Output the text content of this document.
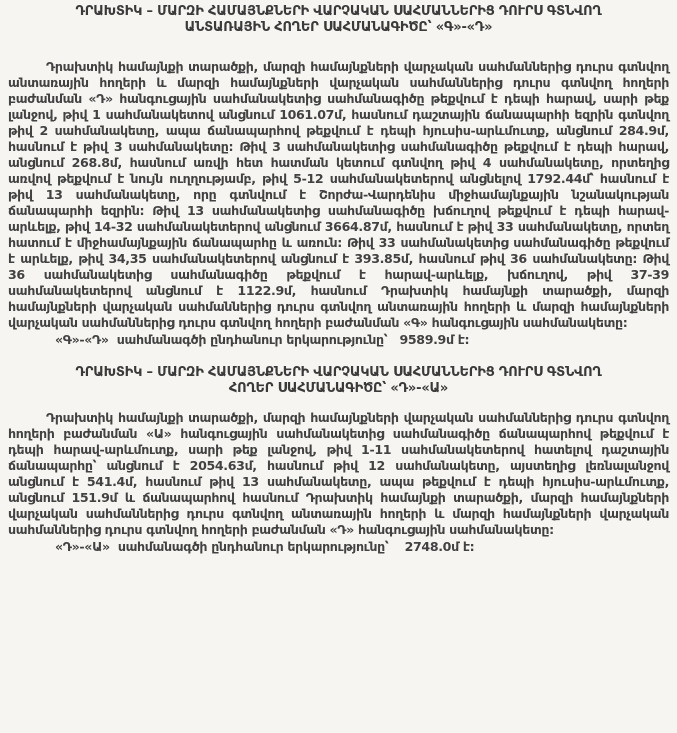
ԴՐԱԽՏԻԿ – ՄԱՐԶԻ ՀԱՄԱՅՆՔՆԵՐԻ ՎԱՐՉԱԿԱՆ ՍԱՀՄԱՆՆԵՐԻՑ ԴՈՒՐՍ ԳՏՆՎՈՂ
ԱՆՏԱՌԱՅԻՆ ՀՈՂԵՐ ՍԱՀՄԱՆԱԳԻԾԸ՝ «Գ»-«Դ»

Դրախտիկ համայնքի տարածքի, մարզի համայնքների վարչական սահմաններից դուրս գտնվող անտառային հողերի և մարզի համայնքների վարչական սահմաններից դուրս գտնվող հողերի բաժանման «Դ» հանգուցային սահմանակետից սահմանագիծը թեքվում է դեպի հարավ, սարի թեք լանջով, թիվ 1 սահմանակետով անցնում 1061.07մ, հասնում դաշտային ճանապարհի եզրին գտնվող թիվ 2 սահմանակետը, ապա ճանապարհով թեքվում է դեպի հյուսիս-արևմուտք, անցնում 284.9մ, հասնում է թիվ 3 սահմանակետը: Թիվ 3 սահմանակետից սահմանագիծը թեքվում է դեպի հարավ, անցնում 268.8մ, հասնում առվի հետ հատման կետում գտնվող թիվ 4 սահմանակետը, որտեղից առվով թեքվում է նույն ուղղությամբ, թիվ 5-12 սահմանակետերով անցնելով 1792.44մ՝ հասնում է թիվ 13 սահմանակետը, որը գտնվում է Շորժա-Վարդենիս միջհամայնքային նշանակության ճանապարհի եզրին: Թիվ 13 սահմանակետից սահմանագիծը խճուղով թեքվում է դեպի հարավ-արևելք, թիվ 14-32 սահմանակետերով անցնում 3664.87մ, հասնում է թիվ 33 սահմանակետը, որտեղ հատում է միջհամայնքային ճանապարհը և առուն: Թիվ 33 սահմանակետից սահմանագիծը թեքվում է արևելք, թիվ 34,35 սահմանակետերով անցնում է 393.85մ, հասնում թիվ 36 սահմանակետը: Թիվ 36 սահմանակետից սահմանագիծը թեքվում է հարավ-արևելք, խճուղով, թիվ 37-39 սահմանակետերով անցնում է 1122.9մ, հասնում Դրախտիկ համայնքի տարածքի, մարզի համայնքների վարչական սահմաններից դուրս գտնվող անտառային հողերի և մարզի համայնքների վարչական սահմաններից դուրս գտնվող հողերի բաժանման «Գ» հանգուցային սահմանակետը:

«Գ»-«Դ»  սահմանագծի ընդհանուր երկարությունը՝   9589.9մ է:

ԴՐԱԽՏԻԿ – ՄԱՐԶԻ ՀԱՄԱՅՆՔՆԵՐԻ ՎԱՐՉԱԿԱՆ ՍԱՀՄԱՆՆԵՐԻՑ ԴՈՒՐՍ ԳՏՆՎՈՂ
ՀՈՂԵՐ ՍԱՀՄԱՆԱԳԻԾԸ՝ «Դ»-«Ա»

Դրախտիկ համայնքի տարածքի, մարզի համայնքների վարչական սահմաններից դուրս գտնվող հողերի բաժանման «Ա» հանգուցային սահմանակետից սահմանագիծը ճանապարհով թեքվում է դեպի հարավ-արևմուտք, սարի թեք լանջով, թիվ 1-11 սահմանակետերով հատելով դաշտային ճանապարհը՝ անցնում է 2054.63մ, հասնում թիվ 12 սահմանակետը, այստեղից լեռնալանջով անցնում է 541.4մ, հասնում թիվ 13 սահմանակետը, ապա թեքվում է դեպի հյուսիս-արևմուտք, անցնում 151.9մ և ճանապարհով հասնում Դրախտիկ համայնքի տարածքի, մարզի համայնքների վարչական սահմաններից դուրս գտնվող անտառային հողերի և մարզի համայնքների վարչական սահմաններից դուրս գտնվող հողերի բաժանման «Դ» հանգուցային սահմանակետը:

«Դ»-«Ա»  սահմանագծի ընդհանուր երկարությունը՝    2748.0մ է:
